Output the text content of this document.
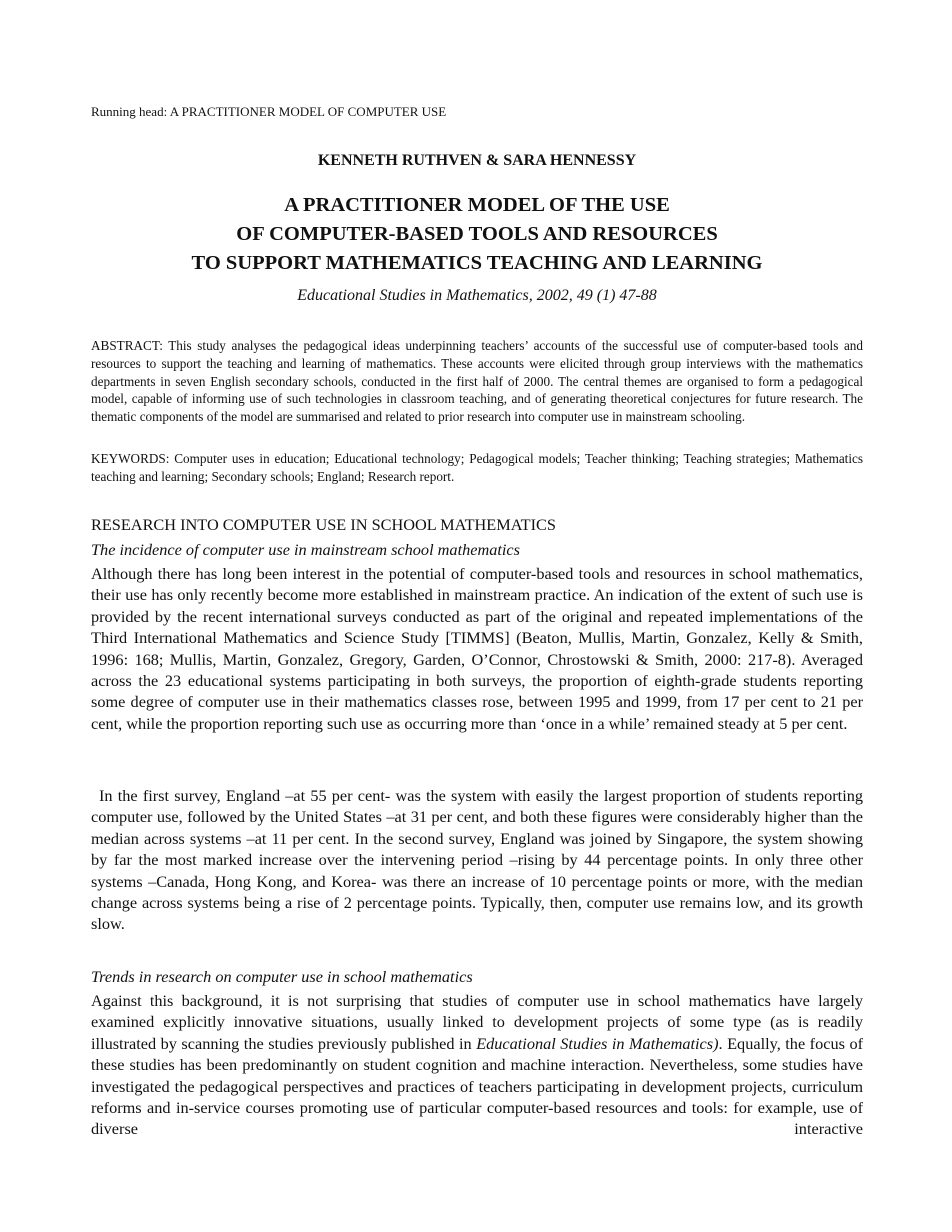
Running head: A PRACTITIONER MODEL OF COMPUTER USE
KENNETH RUTHVEN & SARA HENNESSY
A PRACTITIONER MODEL OF THE USE
OF COMPUTER-BASED TOOLS AND RESOURCES
TO SUPPORT MATHEMATICS TEACHING AND LEARNING
Educational Studies in Mathematics, 2002, 49 (1) 47-88
ABSTRACT: This study analyses the pedagogical ideas underpinning teachers’ accounts of the successful use of computer-based tools and resources to support the teaching and learning of mathematics. These accounts were elicited through group interviews with the mathematics departments in seven English secondary schools, conducted in the first half of 2000. The central themes are organised to form a pedagogical model, capable of informing use of such technologies in classroom teaching, and of generating theoretical conjectures for future research. The thematic components of the model are summarised and related to prior research into computer use in mainstream schooling.
KEYWORDS: Computer uses in education; Educational technology; Pedagogical models; Teacher thinking; Teaching strategies; Mathematics teaching and learning; Secondary schools; England; Research report.
RESEARCH INTO COMPUTER USE IN SCHOOL MATHEMATICS
The incidence of computer use in mainstream school mathematics
Although there has long been interest in the potential of computer-based tools and resources in school mathematics, their use has only recently become more established in mainstream practice. An indication of the extent of such use is provided by the recent international surveys conducted as part of the original and repeated implementations of the Third International Mathematics and Science Study [TIMMS] (Beaton, Mullis, Martin, Gonzalez, Kelly & Smith, 1996: 168; Mullis, Martin, Gonzalez, Gregory, Garden, O’Connor, Chrostowski & Smith, 2000: 217-8). Averaged across the 23 educational systems participating in both surveys, the proportion of eighth-grade students reporting some degree of computer use in their mathematics classes rose, between 1995 and 1999, from 17 per cent to 21 per cent, while the proportion reporting such use as occurring more than ‘once in a while’ remained steady at 5 per cent.
In the first survey, England –at 55 per cent- was the system with easily the largest proportion of students reporting computer use, followed by the United States –at 31 per cent, and both these figures were considerably higher than the median across systems –at 11 per cent. In the second survey, England was joined by Singapore, the system showing by far the most marked increase over the intervening period –rising by 44 percentage points. In only three other systems –Canada, Hong Kong, and Korea- was there an increase of 10 percentage points or more, with the median change across systems being a rise of 2 percentage points. Typically, then, computer use remains low, and its growth slow.
Trends in research on computer use in school mathematics
Against this background, it is not surprising that studies of computer use in school mathematics have largely examined explicitly innovative situations, usually linked to development projects of some type (as is readily illustrated by scanning the studies previously published in Educational Studies in Mathematics). Equally, the focus of these studies has been predominantly on student cognition and machine interaction. Nevertheless, some studies have investigated the pedagogical perspectives and practices of teachers participating in development projects, curriculum reforms and in-service courses promoting use of particular computer-based resources and tools: for example, use of diverse interactive
